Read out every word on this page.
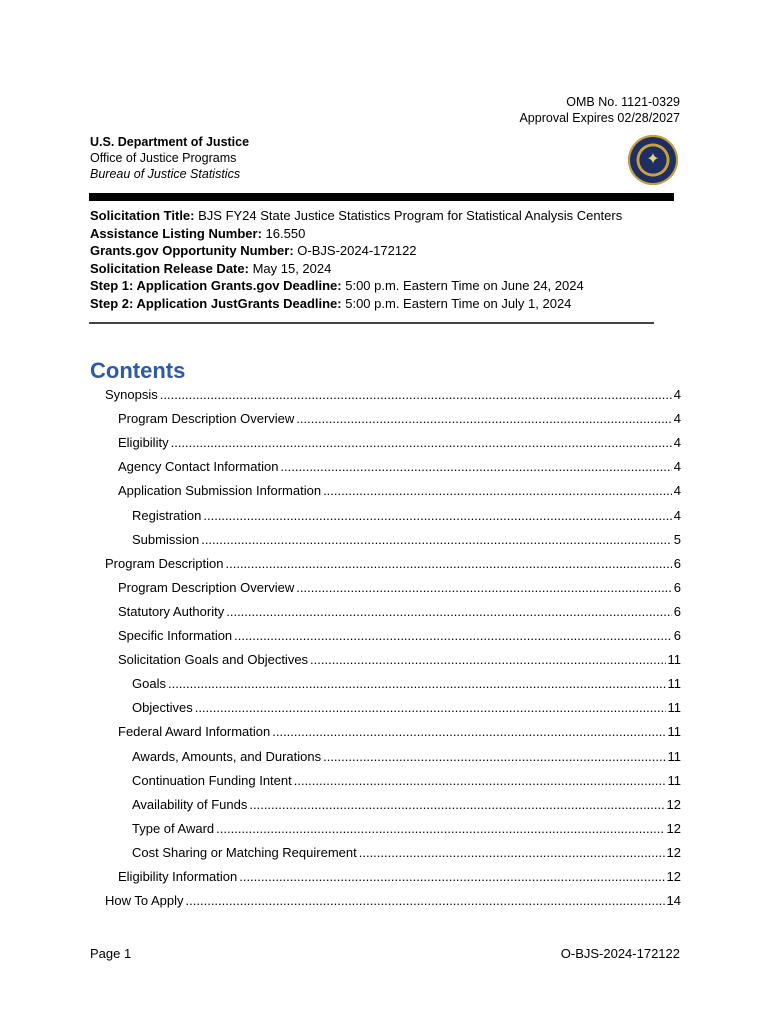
OMB No. 1121-0329
Approval Expires 02/28/2027
U.S. Department of Justice
Office of Justice Programs
Bureau of Justice Statistics
✦
Solicitation Title: BJS FY24 State Justice Statistics Program for Statistical Analysis Centers
Assistance Listing Number: 16.550
Grants.gov Opportunity Number: O-BJS-2024-172122
Solicitation Release Date: May 15, 2024
Step 1: Application Grants.gov Deadline: 5:00 p.m. Eastern Time on June 24, 2024
Step 2: Application JustGrants Deadline: 5:00 p.m. Eastern Time on July 1, 2024
Contents
Synopsis .....	4
Program Description Overview .....	4
Eligibility .....	4
Agency Contact Information .....	4
Application Submission Information .....	4
Registration .....	4
Submission .....	5
Program Description .....	6
Program Description Overview .....	6
Statutory Authority .....	6
Specific Information .....	6
Solicitation Goals and Objectives .....	11
Goals .....	11
Objectives .....	11
Federal Award Information .....	11
Awards, Amounts, and Durations .....	11
Continuation Funding Intent .....	11
Availability of Funds .....	12
Type of Award .....	12
Cost Sharing or Matching Requirement .....	12
Eligibility Information .....	12
How To Apply .....	14
Page 1	O-BJS-2024-172122
